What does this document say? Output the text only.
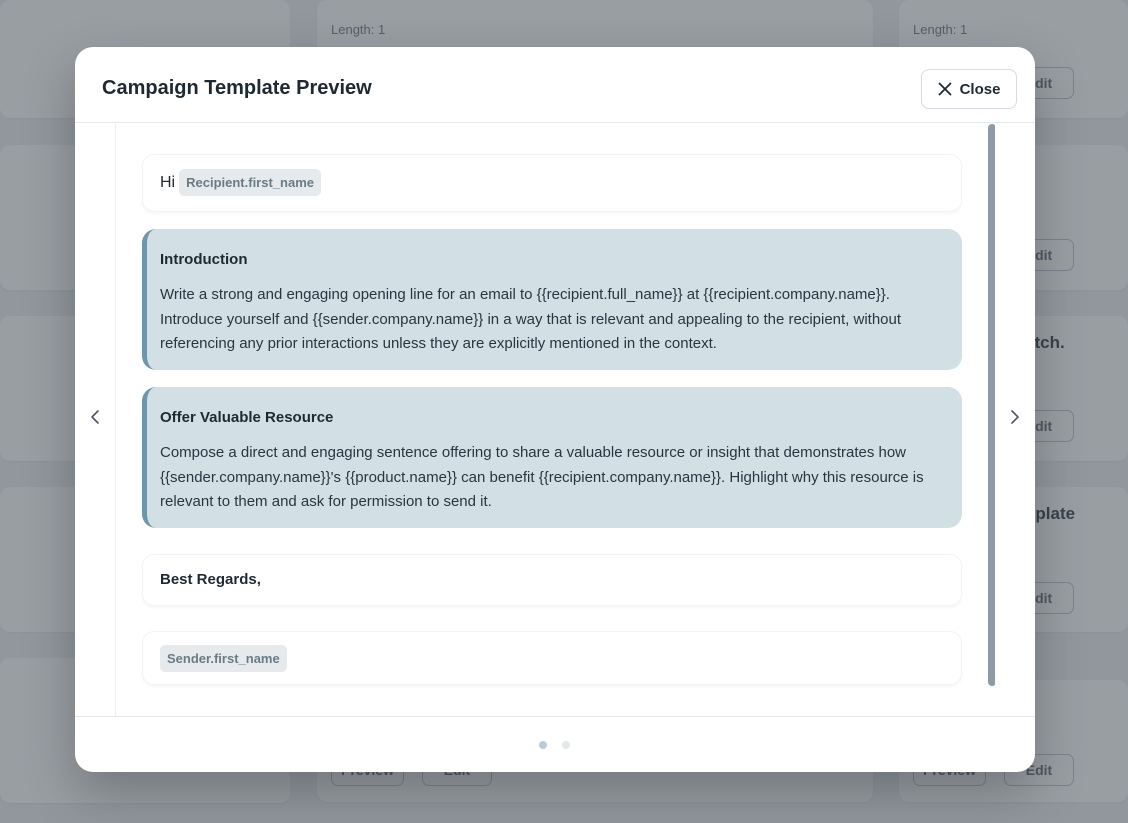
Campaign Template Preview	Close
Hi Recipient.first_name
Introduction
Write a strong and engaging opening line for an email to {{recipient.full_name}} at {{recipient.company.name}}. Introduce yourself and {{sender.company.name}} in a way that is relevant and appealing to the recipient, without referencing any prior interactions unless they are explicitly mentioned in the context.
Offer Valuable Resource
Compose a direct and engaging sentence offering to share a valuable resource or insight that demonstrates how {{sender.company.name}}'s {{product.name}} can benefit {{recipient.company.name}}. Highlight why this resource is relevant to them and ask for permission to send it.
Best Regards,
Sender.first_name
